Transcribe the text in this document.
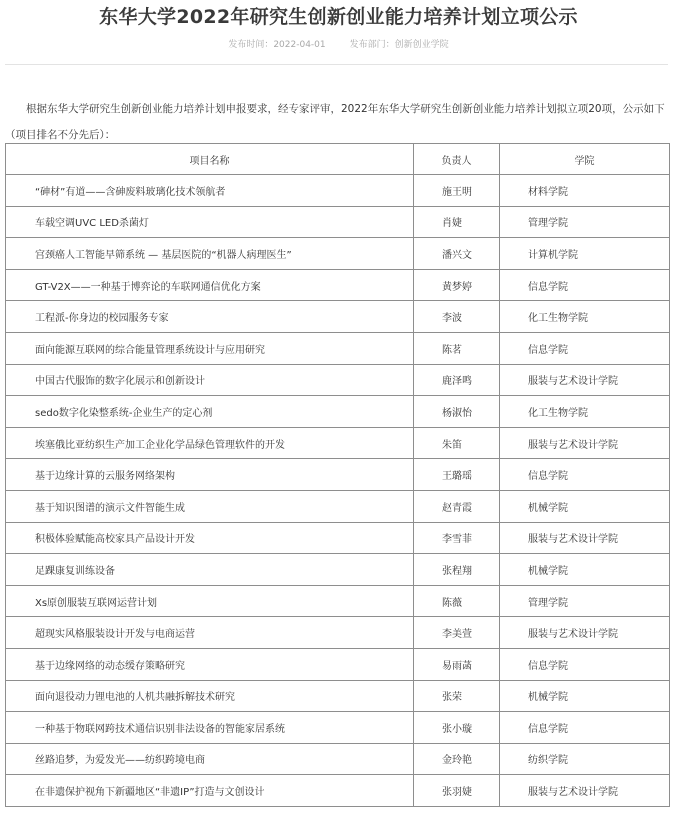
东华大学2022年研究生创新创业能力培养计划立项公示
发布时间：2022-04-01	发布部门：创新创业学院

根据东华大学研究生创新创业能力培养计划申报要求，经专家评审，2022年东华大学研究生创新创业能力培养计划拟立项20项，公示如下（项目排名不分先后）：

项目名称	负责人	学院
“砷材”有道——含砷废料玻璃化技术领航者	施王明	材料学院
车载空调UVC LED杀菌灯	肖婕	管理学院
宫颈癌人工智能早筛系统 — 基层医院的“机器人病理医生”	潘兴文	计算机学院
GT-V2X——一种基于博弈论的车联网通信优化方案	黄梦婷	信息学院
工程派-你身边的校园服务专家	李波	化工生物学院
面向能源互联网的综合能量管理系统设计与应用研究	陈茗	信息学院
中国古代服饰的数字化展示和创新设计	鹿泽鸣	服装与艺术设计学院
sedo数字化染整系统-企业生产的定心剂	杨淑怡	化工生物学院
埃塞俄比亚纺织生产加工企业化学品绿色管理软件的开发	朱笛	服装与艺术设计学院
基于边缘计算的云服务网络架构	王璐瑶	信息学院
基于知识图谱的演示文件智能生成	赵青霞	机械学院
积极体验赋能高校家具产品设计开发	李雪菲	服装与艺术设计学院
足踝康复训练设备	张程翔	机械学院
Xs原创服装互联网运营计划	陈薇	管理学院
超现实风格服装设计开发与电商运营	李美萱	服装与艺术设计学院
基于边缘网络的动态缓存策略研究	易雨菡	信息学院
面向退役动力锂电池的人机共融拆解技术研究	张荣	机械学院
一种基于物联网跨技术通信识别非法设备的智能家居系统	张小璇	信息学院
丝路追梦，为爱发光——纺织跨境电商	金玲艳	纺织学院
在非遗保护视角下新疆地区“非遗IP”打造与文创设计	张羽婕	服装与艺术设计学院
